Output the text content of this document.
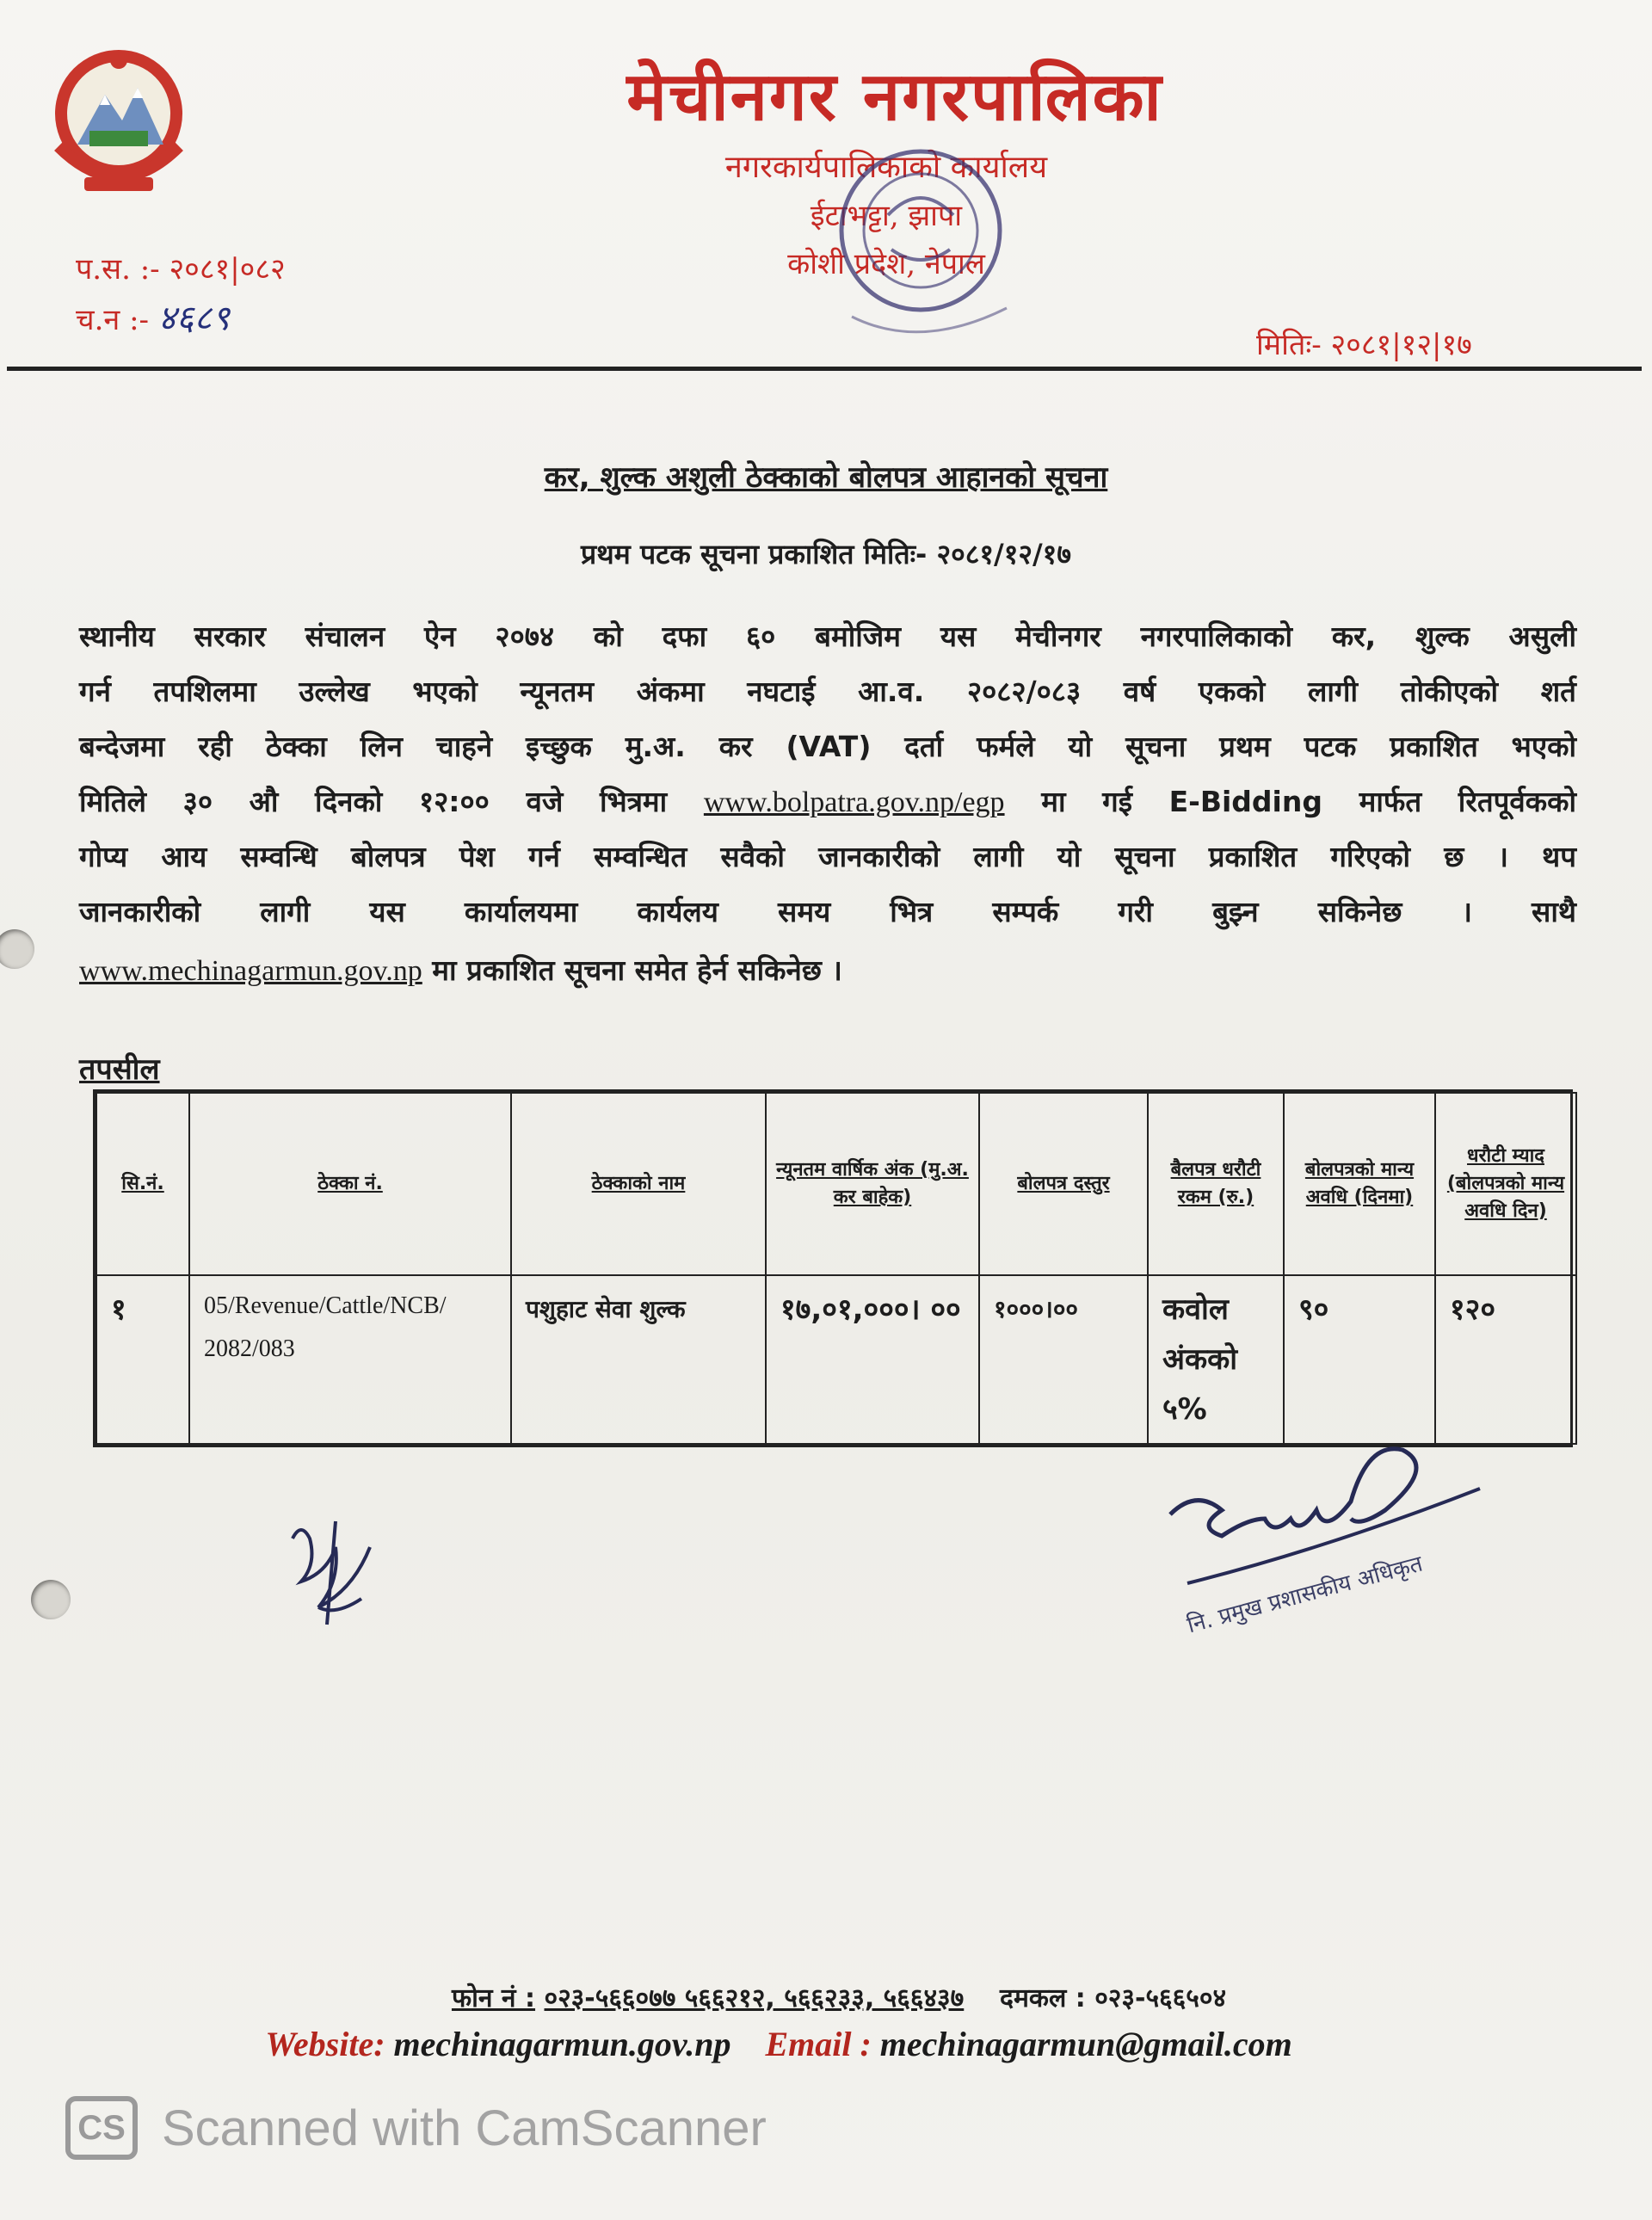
मेचीनगर नगरपालिका
नगरकार्यपालिकाको कार्यालय
ईटाभट्टा, झापा
कोशी प्रदेश, नेपाल
प.स. :- २०८१|०८२
च.न :- ४६८९
मितिः- २०८१|१२|१७
कर, शुल्क अशुली ठेक्काको बोलपत्र आहानको सूचना
प्रथम पटक सूचना प्रकाशित मितिः- २०८१/१२/१७
स्थानीय सरकार संचालन ऐन २०७४ को दफा ६० बमोजिम यस मेचीनगर नगरपालिकाको कर, शुल्क असुली
गर्न तपशिलमा उल्लेख भएको न्यूनतम अंकमा नघटाई आ.व. २०८२/०८३ वर्ष एकको लागी तोकीएको शर्त
बन्देजमा रही ठेक्का लिन चाहने इच्छुक मु.अ. कर (VAT) दर्ता फर्मले यो सूचना प्रथम पटक प्रकाशित भएको
मितिले ३० औ दिनको १२:०० वजे भित्रमा www.bolpatra.gov.np/egp मा गई E-Bidding मार्फत रितपूर्वकको
गोप्य आय सम्वन्धि बोलपत्र पेश गर्न सम्वन्धित सवैको जानकारीको लागी यो सूचना प्रकाशित गरिएको छ । थप
जानकारीको लागी यस कार्यालयमा कार्यलय समय भित्र सम्पर्क गरी बुझ्न सकिनेछ । साथै
www.mechinagarmun.gov.np मा प्रकाशित सूचना समेत हेर्न सकिनेछ ।
तपसील
सि.नं.	ठेक्का नं.	ठेक्काको नाम	न्यूनतम वार्षिक अंक (मु.अ. कर बाहेक)	बोलपत्र दस्तुर	बैलपत्र धरौटी रकम (रु.)	बोलपत्रको मान्य अवधि (दिनमा)	धरौटी म्याद (बोलपत्रको मान्य अवधि दिन)
१	05/Revenue/Cattle/NCB/ 2082/083	पशुहाट सेवा शुल्क	१७,०१,०००। ००	१०००।००	कवोल अंकको ५%	९०	१२०
नि. प्रमुख प्रशासकीय अधिकृत
फोन नं : ०२३-५६६०७७ ५६६२१२, ५६६२३३, ५६६४३७ दमकल : ०२३-५६६५०४
Website: mechinagarmun.gov.np Email : mechinagarmun@gmail.com
CS Scanned with CamScanner
